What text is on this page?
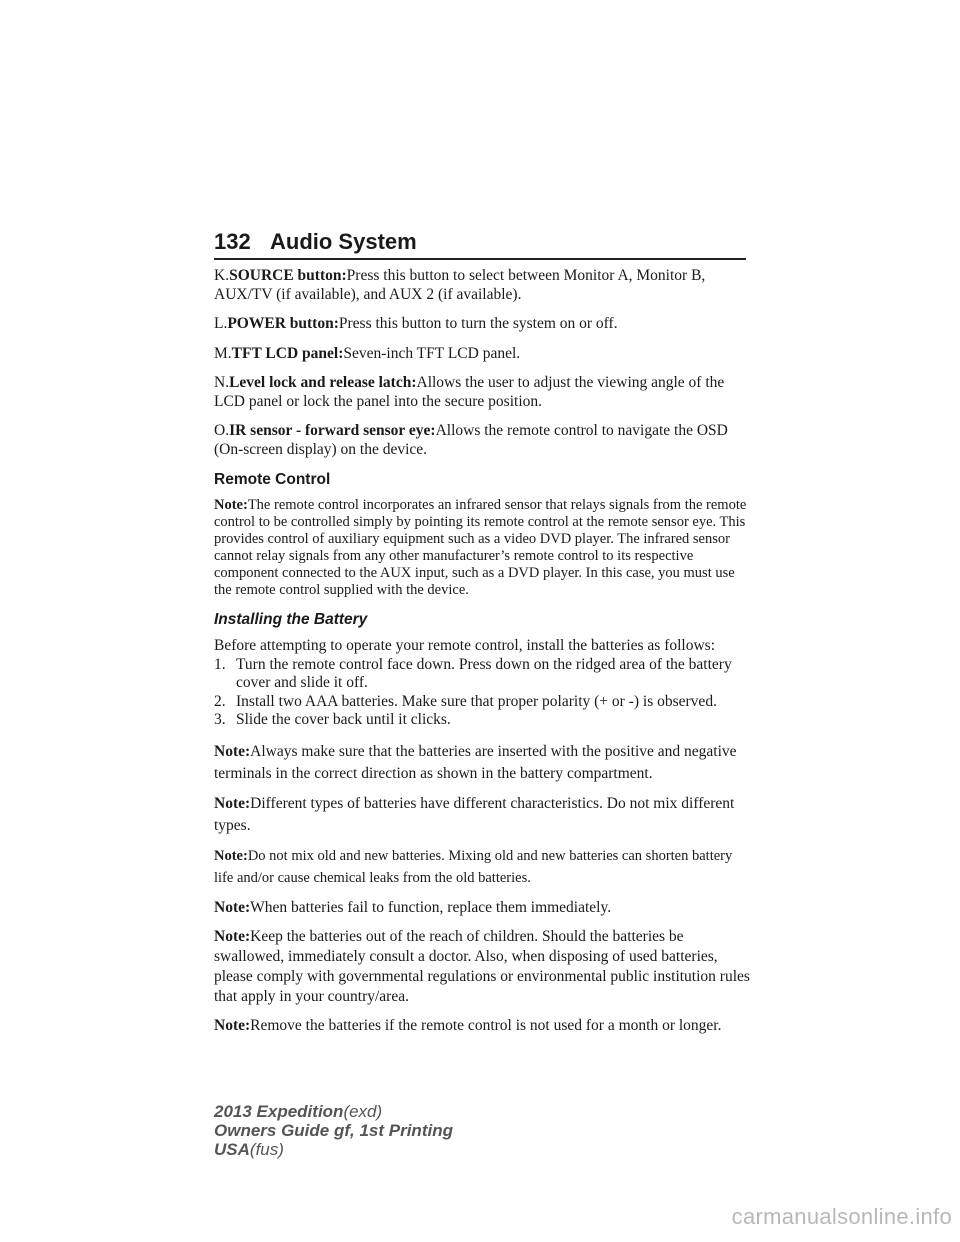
132 Audio System

K.SOURCE button:Press this button to select between Monitor A, Monitor B, AUX/TV (if available), and AUX 2 (if available).

L.POWER button:Press this button to turn the system on or off.

M.TFT LCD panel:Seven-inch TFT LCD panel.

N.Level lock and release latch:Allows the user to adjust the viewing angle of the LCD panel or lock the panel into the secure position.

O.IR sensor - forward sensor eye:Allows the remote control to navigate the OSD (On-screen display) on the device.

Remote Control

Note:The remote control incorporates an infrared sensor that relays signals from the remote control to be controlled simply by pointing its remote control at the remote sensor eye. This provides control of auxiliary equipment such as a video DVD player. The infrared sensor cannot relay signals from any other manufacturer’s remote control to its respective component connected to the AUX input, such as a DVD player. In this case, you must use the remote control supplied with the device.

Installing the Battery
Before attempting to operate your remote control, install the batteries as follows:
1. Turn the remote control face down. Press down on the ridged area of the battery cover and slide it off.
2. Install two AAA batteries. Make sure that proper polarity (+ or -) is observed.
3. Slide the cover back until it clicks.

Note:Always make sure that the batteries are inserted with the positive and negative terminals in the correct direction as shown in the battery compartment.

Note:Different types of batteries have different characteristics. Do not mix different types.

Note:Do not mix old and new batteries. Mixing old and new batteries can shorten battery life and/or cause chemical leaks from the old batteries.

Note:When batteries fail to function, replace them immediately.

Note:Keep the batteries out of the reach of children. Should the batteries be swallowed, immediately consult a doctor. Also, when disposing of used batteries, please comply with governmental regulations or environmental public institution rules that apply in your country/area.

Note:Remove the batteries if the remote control is not used for a month or longer.

2013 Expedition(exd)
Owners Guide gf, 1st Printing
USA(fus)
carmanualsonline.info
